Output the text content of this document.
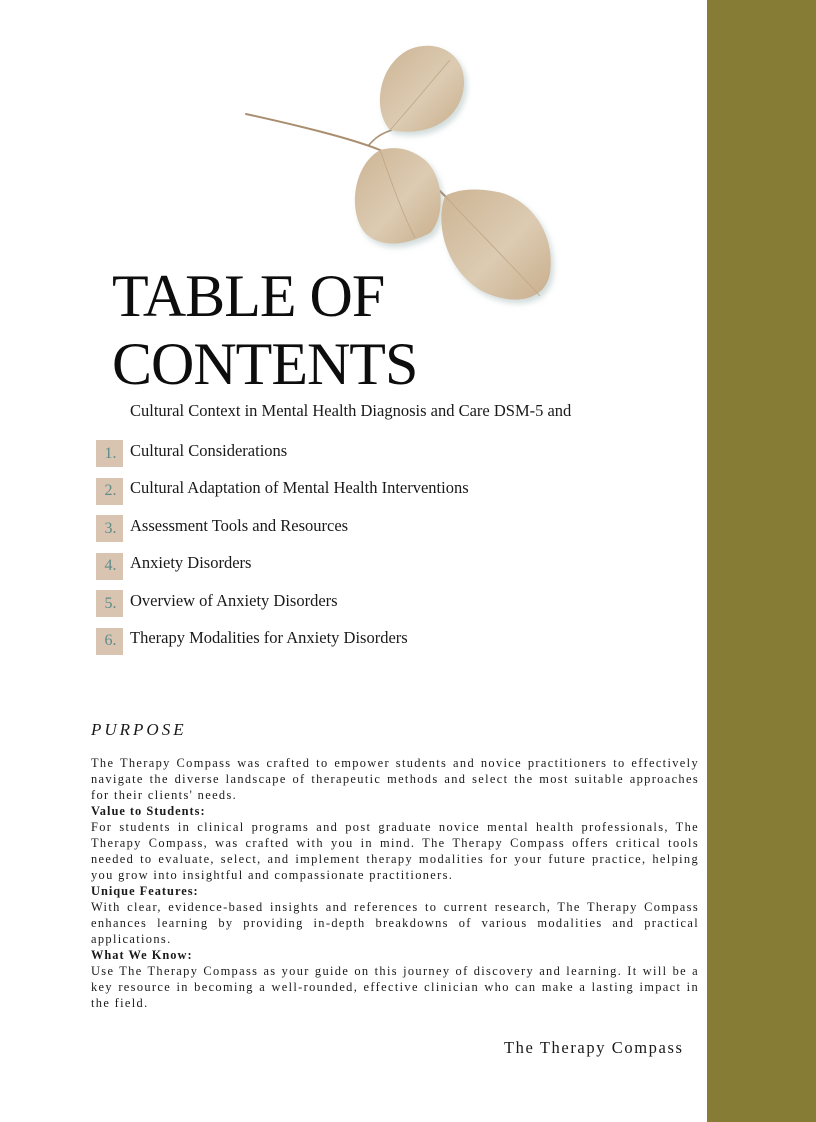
TABLE OF
CONTENTS
Cultural Context in Mental Health Diagnosis and Care DSM-5 and
1. Cultural Considerations
2. Cultural Adaptation of Mental Health Interventions
3. Assessment Tools and Resources
4. Anxiety Disorders
5. Overview of Anxiety Disorders
6. Therapy Modalities for Anxiety Disorders
PURPOSE

The Therapy Compass was crafted to empower students and novice practitioners to effectively navigate the diverse landscape of therapeutic methods and select the most suitable approaches for their clients' needs.

Value to Students:

For students in clinical programs and post graduate novice mental health professionals, The Therapy Compass, was crafted with you in mind. The Therapy Compass offers critical tools needed to evaluate, select, and implement therapy modalities for your future practice, helping you grow into insightful and compassionate practitioners.

Unique Features:

With clear, evidence-based insights and references to current research, The Therapy Compass enhances learning by providing in-depth breakdowns of various modalities and practical applications.

What We Know:

Use The Therapy Compass as your guide on this journey of discovery and learning. It will be a key resource in becoming a well-rounded, effective clinician who can make a lasting impact in the field.

The Therapy Compass
